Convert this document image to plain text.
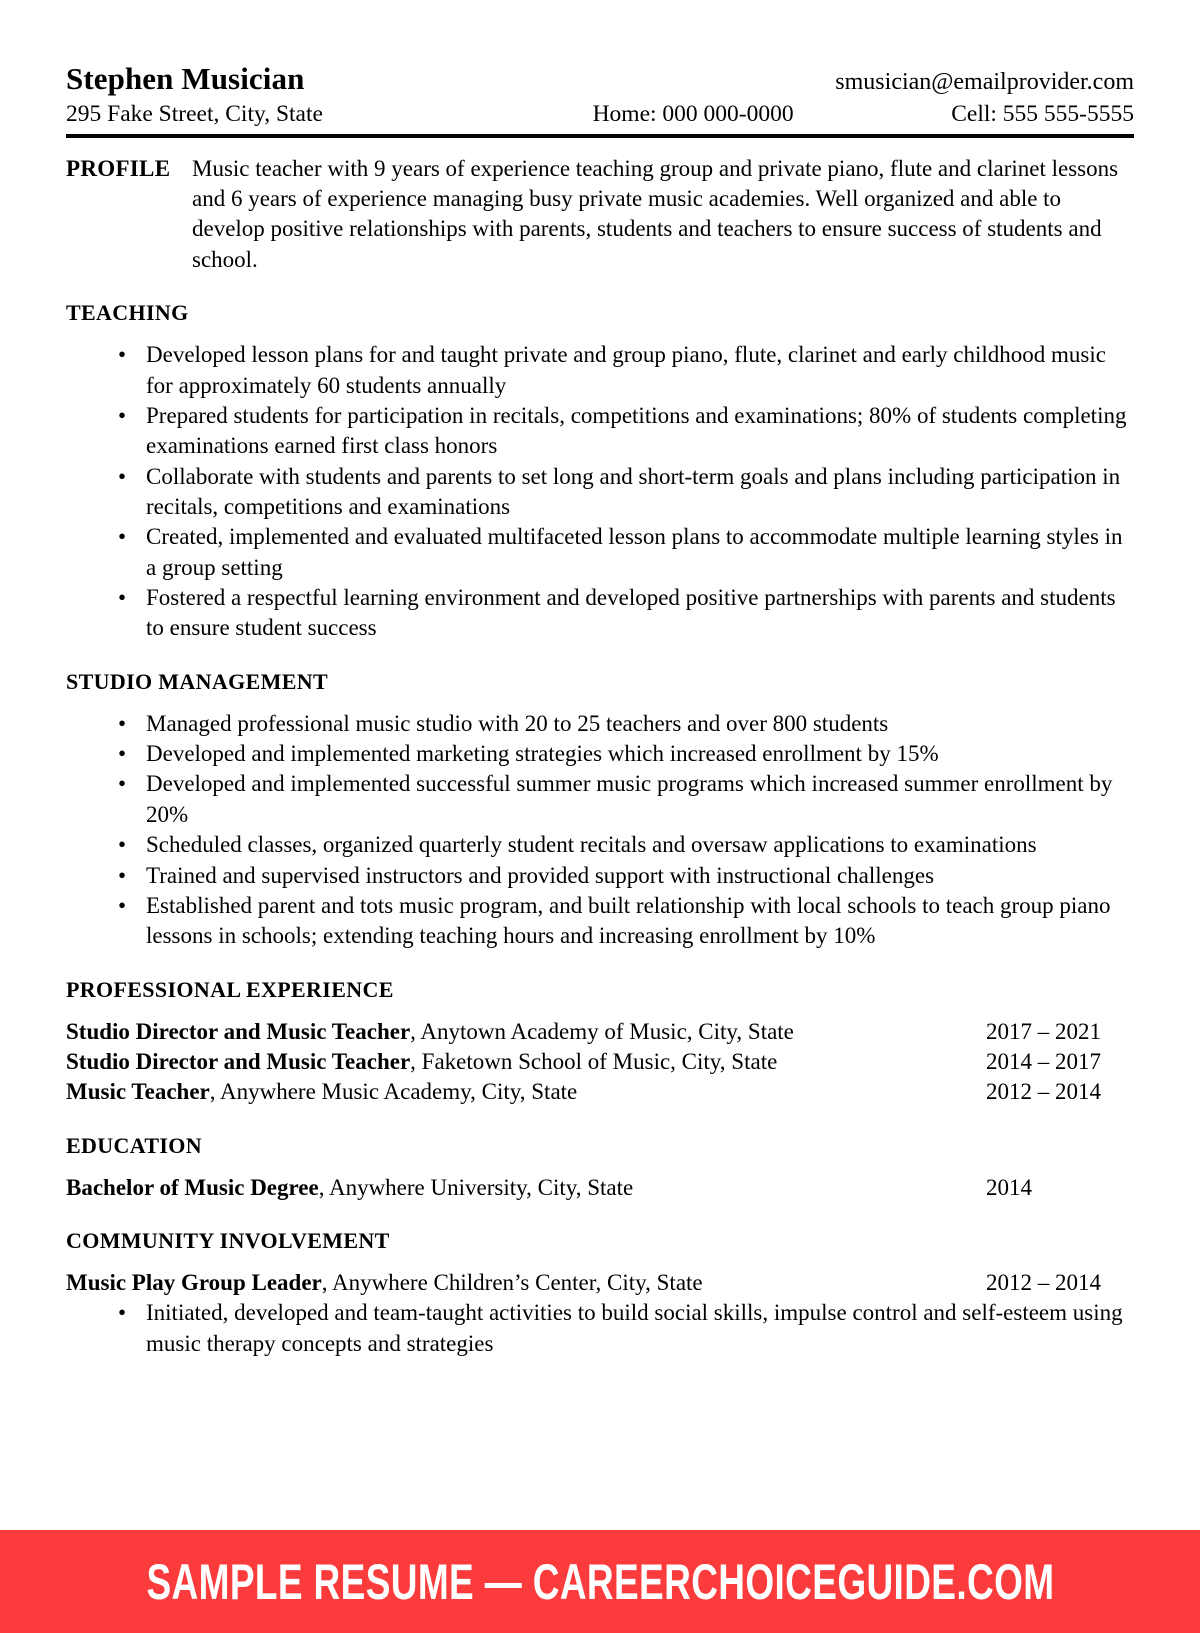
Stephen Musician	smusician@emailprovider.com
295 Fake Street, City, State	Home: 000 000-0000	Cell: 555 555-5555
PROFILE Music teacher with 9 years of experience teaching group and private piano, flute and clarinet lessons and 6 years of experience managing busy private music academies. Well organized and able to develop positive relationships with parents, students and teachers to ensure success of students and school.
TEACHING
• Developed lesson plans for and taught private and group piano, flute, clarinet and early childhood music for approximately 60 students annually
• Prepared students for participation in recitals, competitions and examinations; 80% of students completing examinations earned first class honors
• Collaborate with students and parents to set long and short-term goals and plans including participation in recitals, competitions and examinations
• Created, implemented and evaluated multifaceted lesson plans to accommodate multiple learning styles in a group setting
• Fostered a respectful learning environment and developed positive partnerships with parents and students to ensure student success
STUDIO MANAGEMENT
• Managed professional music studio with 20 to 25 teachers and over 800 students
• Developed and implemented marketing strategies which increased enrollment by 15%
• Developed and implemented successful summer music programs which increased summer enrollment by 20%
• Scheduled classes, organized quarterly student recitals and oversaw applications to examinations
• Trained and supervised instructors and provided support with instructional challenges
• Established parent and tots music program, and built relationship with local schools to teach group piano lessons in schools; extending teaching hours and increasing enrollment by 10%
PROFESSIONAL EXPERIENCE
Studio Director and Music Teacher, Anytown Academy of Music, City, State	2017 – 2021
Studio Director and Music Teacher, Faketown School of Music, City, State	2014 – 2017
Music Teacher, Anywhere Music Academy, City, State	2012 – 2014
EDUCATION
Bachelor of Music Degree, Anywhere University, City, State	2014
COMMUNITY INVOLVEMENT
Music Play Group Leader, Anywhere Children’s Center, City, State	2012 – 2014
• Initiated, developed and team-taught activities to build social skills, impulse control and self-esteem using music therapy concepts and strategies
SAMPLE RESUME — CAREERCHOICEGUIDE.COM
